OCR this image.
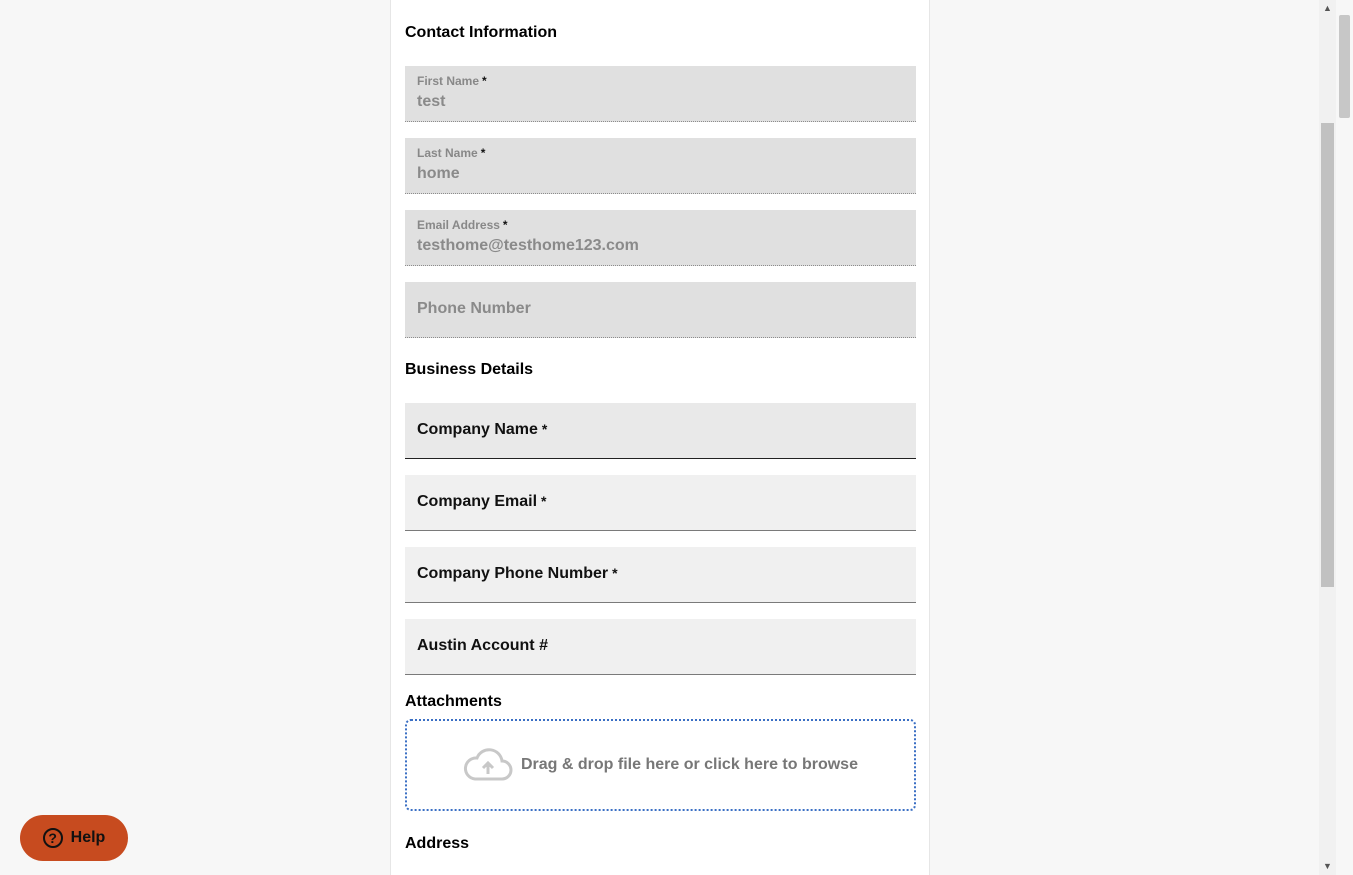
Contact Information
First Name *
test
Last Name *
home
Email Address *
testhome@testhome123.com
Phone Number
Business Details
Company Name *
Company Email *
Company Phone Number *
Austin Account #
Attachments
Drag & drop file here or click here to browse
Address
▲
▼
? Help
